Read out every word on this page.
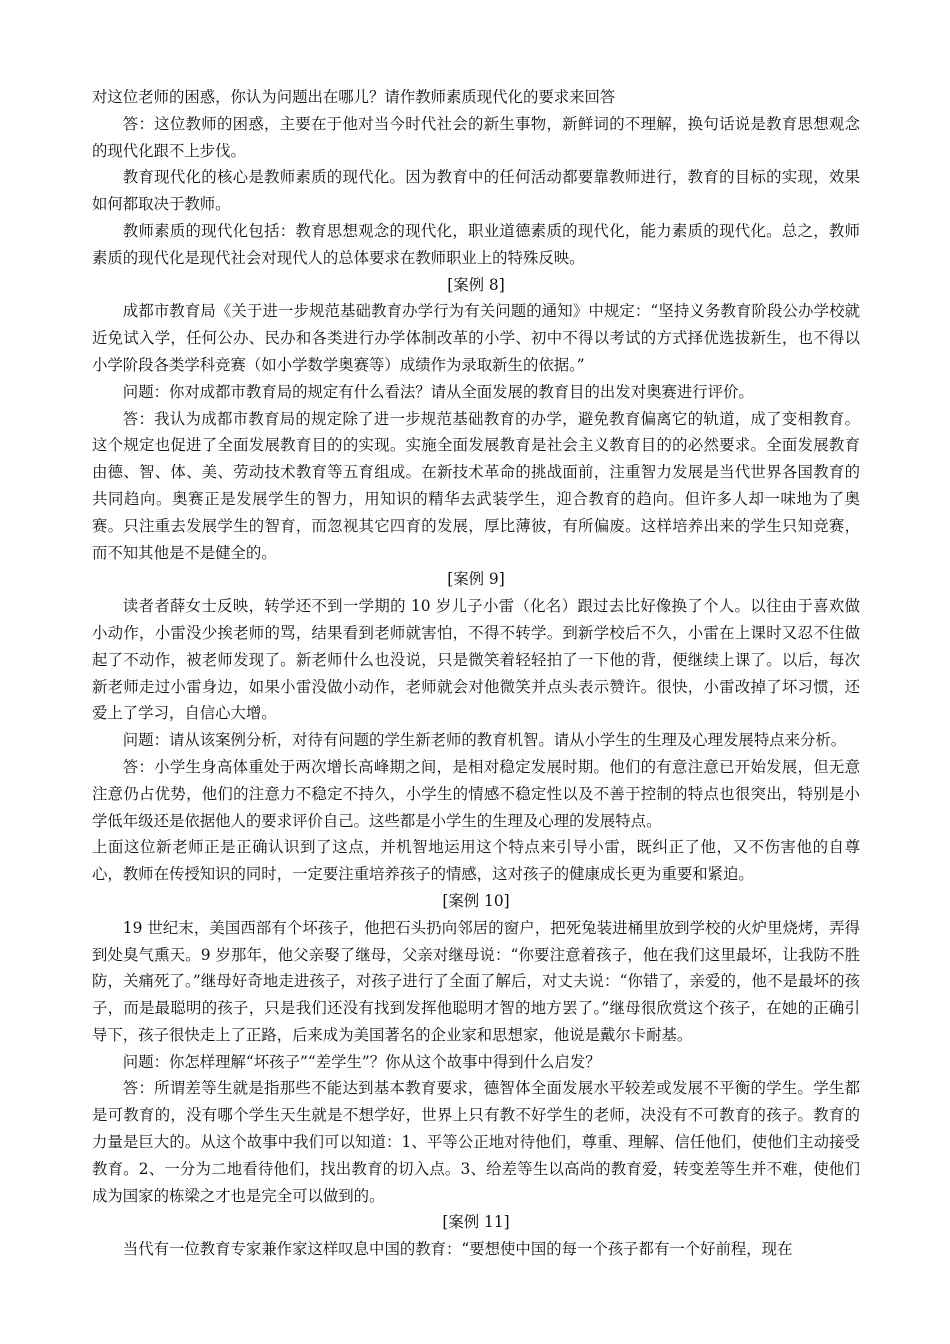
对这位老师的困惑，你认为问题出在哪儿？请作教师素质现代化的要求来回答

答：这位教师的困惑，主要在于他对当今时代社会的新生事物，新鲜词的不理解，换句话说是教育思想观念的现代化跟不上步伐。

教育现代化的核心是教师素质的现代化。因为教育中的任何活动都要靠教师进行，教育的目标的实现，效果如何都取决于教师。

教师素质的现代化包括：教育思想观念的现代化，职业道德素质的现代化，能力素质的现代化。总之，教师素质的现代化是现代社会对现代人的总体要求在教师职业上的特殊反映。

[案例 8]

成都市教育局《关于进一步规范基础教育办学行为有关问题的通知》中规定：“坚持义务教育阶段公办学校就近免试入学，任何公办、民办和各类进行办学体制改革的小学、初中不得以考试的方式择优选拔新生，也不得以小学阶段各类学科竞赛（如小学数学奥赛等）成绩作为录取新生的依据。”

问题：你对成都市教育局的规定有什么看法？请从全面发展的教育目的出发对奥赛进行评价。

答：我认为成都市教育局的规定除了进一步规范基础教育的办学，避免教育偏离它的轨道，成了变相教育。这个规定也促进了全面发展教育目的的实现。实施全面发展教育是社会主义教育目的的必然要求。全面发展教育由德、智、体、美、劳动技术教育等五育组成。在新技术革命的挑战面前，注重智力发展是当代世界各国教育的共同趋向。奥赛正是发展学生的智力，用知识的精华去武装学生，迎合教育的趋向。但许多人却一味地为了奥赛。只注重去发展学生的智育，而忽视其它四育的发展，厚比薄彼，有所偏废。这样培养出来的学生只知竞赛，而不知其他是不是健全的。

[案例 9]

读者者薛女士反映，转学还不到一学期的 10 岁儿子小雷（化名）跟过去比好像换了个人。以往由于喜欢做小动作，小雷没少挨老师的骂，结果看到老师就害怕，不得不转学。到新学校后不久，小雷在上课时又忍不住做起了不动作，被老师发现了。新老师什么也没说，只是微笑着轻轻拍了一下他的背，便继续上课了。以后，每次新老师走过小雷身边，如果小雷没做小动作，老师就会对他微笑并点头表示赞许。很快，小雷改掉了坏习惯，还爱上了学习，自信心大增。

问题：请从该案例分析，对待有问题的学生新老师的教育机智。请从小学生的生理及心理发展特点来分析。

答：小学生身高体重处于两次增长高峰期之间，是相对稳定发展时期。他们的有意注意已开始发展，但无意注意仍占优势，他们的注意力不稳定不持久，小学生的情感不稳定性以及不善于控制的特点也很突出，特别是小学低年级还是依据他人的要求评价自己。这些都是小学生的生理及心理的发展特点。

上面这位新老师正是正确认识到了这点，并机智地运用这个特点来引导小雷，既纠正了他，又不伤害他的自尊心，教师在传授知识的同时，一定要注重培养孩子的情感，这对孩子的健康成长更为重要和紧迫。

[案例 10]

19 世纪末，美国西部有个坏孩子，他把石头扔向邻居的窗户，把死兔装进桶里放到学校的火炉里烧烤，弄得到处臭气熏天。9 岁那年，他父亲娶了继母，父亲对继母说：“你要注意着孩子，他在我们这里最坏，让我防不胜防，关痛死了。”继母好奇地走进孩子，对孩子进行了全面了解后，对丈夫说：“你错了，亲爱的，他不是最坏的孩子，而是最聪明的孩子，只是我们还没有找到发挥他聪明才智的地方罢了。”继母很欣赏这个孩子，在她的正确引导下，孩子很快走上了正路，后来成为美国著名的企业家和思想家，他说是戴尔卡耐基。

问题：你怎样理解“坏孩子”“差学生”？你从这个故事中得到什么启发？

答：所谓差等生就是指那些不能达到基本教育要求，德智体全面发展水平较差或发展不平衡的学生。学生都是可教育的，没有哪个学生天生就是不想学好，世界上只有教不好学生的老师，决没有不可教育的孩子。教育的力量是巨大的。从这个故事中我们可以知道：1、平等公正地对待他们，尊重、理解、信任他们，使他们主动接受教育。2、一分为二地看待他们，找出教育的切入点。3、给差等生以高尚的教育爱，转变差等生并不难，使他们成为国家的栋梁之才也是完全可以做到的。

[案例 11]

当代有一位教育专家兼作家这样叹息中国的教育：“要想使中国的每一个孩子都有一个好前程，现在
